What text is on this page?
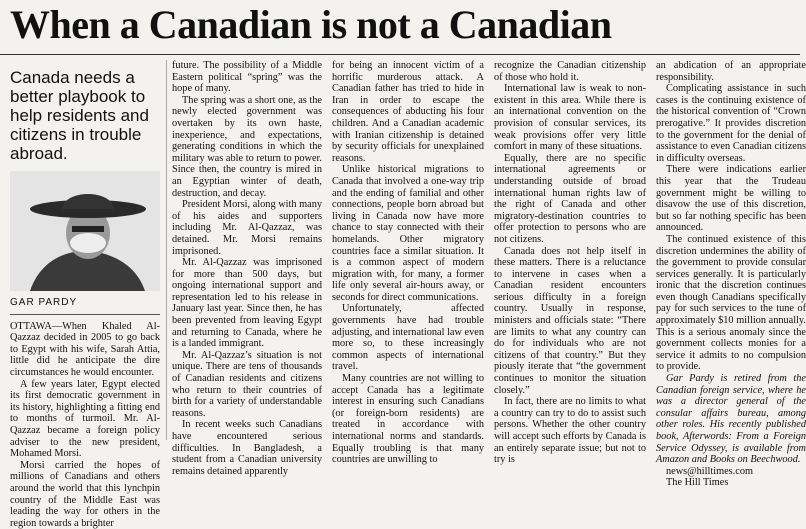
When a Canadian is not a Canadian
Canada needs a better playbook to help residents and citizens in trouble abroad.
GAR PARDY

OTTAWA—When Khaled Al-Qazzaz decided in 2005 to go back to Egypt with his wife, Sarah Attia, little did he anticipate the dire circumstances he would encounter.

A few years later, Egypt elected its first democratic government in its history, highlighting a fitting end to months of turmoil. Mr. Al-Qazzaz became a foreign policy adviser to the new president, Mohamed Morsi.

Morsi carried the hopes of millions of Canadians and others around the world that this lynchpin country of the Middle East was leading the way for others in the region towards a brighter

future. The possibility of a Middle Eastern political “spring” was the hope of many.

The spring was a short one, as the newly elected government was overtaken by its own haste, inexperience, and expectations, generating conditions in which the military was able to return to power. Since then, the country is mired in an Egyptian winter of death, destruction, and decay.

President Morsi, along with many of his aides and supporters including Mr. Al-Qazzaz, was detained. Mr. Morsi remains imprisoned.

Mr. Al-Qazzaz was imprisoned for more than 500 days, but ongoing international support and representation led to his release in January last year. Since then, he has been prevented from leaving Egypt and returning to Canada, where he is a landed immigrant.

Mr. Al-Qazzaz’s situation is not unique. There are tens of thousands of Canadian residents and citizens who return to their countries of birth for a variety of understandable reasons.

In recent weeks such Canadians have encountered serious difficulties. In Bangladesh, a student from a Canadian university remains detained apparently

for being an innocent victim of a horrific murderous attack. A Canadian father has tried to hide in Iran in order to escape the consequences of abducting his four children. And a Canadian academic with Iranian citizenship is detained by security officials for unexplained reasons.

Unlike historical migrations to Canada that involved a one-way trip and the ending of familial and other connections, people born abroad but living in Canada now have more chance to stay connected with their homelands. Other migratory countries face a similar situation. It is a common aspect of modern migration with, for many, a former life only several air-hours away, or seconds for direct communications.

Unfortunately, affected governments have had trouble adjusting, and international law even more so, to these increasingly common aspects of international travel.

Many countries are not willing to accept Canada has a legitimate interest in ensuring such Canadians (or foreign-born residents) are treated in accordance with international norms and standards. Equally troubling is that many countries are unwilling to

recognize the Canadian citizenship of those who hold it.

International law is weak to non-existent in this area. While there is an international convention on the provision of consular services, its weak provisions offer very little comfort in many of these situations.

Equally, there are no specific international agreements or understanding outside of broad international human rights law of the right of Canada and other migratory-destination countries to offer protection to persons who are not citizens.

Canada does not help itself in these matters. There is a reluctance to intervene in cases when a Canadian resident encounters serious difficulty in a foreign country. Usually in response, ministers and officials state: “There are limits to what any country can do for individuals who are not citizens of that country.” But they piously iterate that “the government continues to monitor the situation closely.”

In fact, there are no limits to what a country can try to do to assist such persons. Whether the other country will accept such efforts by Canada is an entirely separate issue; but not to try is

an abdication of an appropriate responsibility.

Complicating assistance in such cases is the continuing existence of the historical convention of “Crown prerogative.” It provides discretion to the government for the denial of assistance to even Canadian citizens in difficulty overseas.

There were indications earlier this year that the Trudeau government might be willing to disavow the use of this discretion, but so far nothing specific has been announced.

The continued existence of this discretion undermines the ability of the government to provide consular services generally. It is particularly ironic that the discretion continues even though Canadians specifically pay for such services to the tune of approximately $10 million annually. This is a serious anomaly since the government collects monies for a service it admits to no compulsion to provide.

Gar Pardy is retired from the Canadian foreign service, where he was a director general of the consular affairs bureau, among other roles. His recently published book, Afterwords: From a Foreign Service Odyssey, is available from Amazon and Books on Beechwood.

news@hilltimes.com

The Hill Times
